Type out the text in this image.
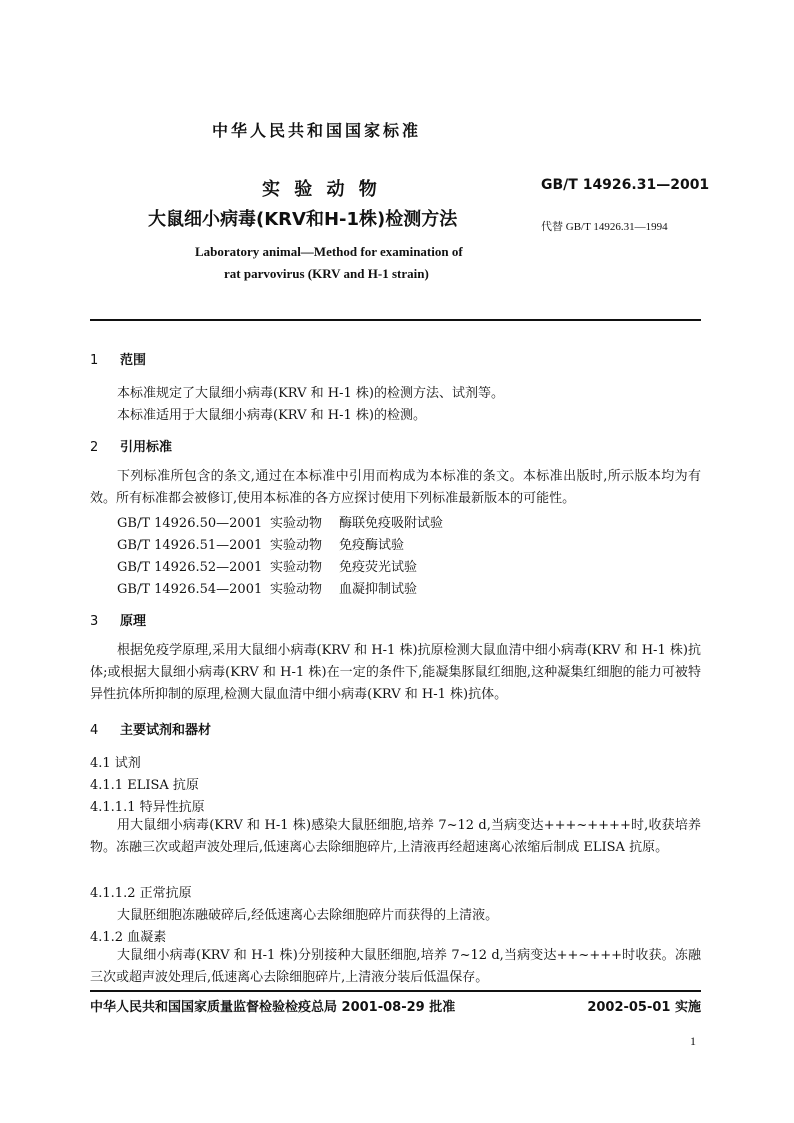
中华人民共和国国家标准
实 验 动 物	GB/T 14926.31—2001
大鼠细小病毒(KRV和H-1株)检测方法	代替 GB/T 14926.31—1994
Laboratory animal—Method for examination of
rat parvovirus (KRV and H-1 strain)
1 范围
本标准规定了大鼠细小病毒(KRV 和 H-1 株)的检测方法、试剂等。
本标准适用于大鼠细小病毒(KRV 和 H-1 株)的检测。
2 引用标准
下列标准所包含的条文,通过在本标准中引用而构成为本标准的条文。本标准出版时,所示版本均为有效。所有标准都会被修订,使用本标准的各方应探讨使用下列标准最新版本的可能性。
GB/T 14926.50—2001 实验动物 酶联免疫吸附试验
GB/T 14926.51—2001 实验动物 免疫酶试验
GB/T 14926.52—2001 实验动物 免疫荧光试验
GB/T 14926.54—2001 实验动物 血凝抑制试验
3 原理
根据免疫学原理,采用大鼠细小病毒(KRV 和 H-1 株)抗原检测大鼠血清中细小病毒(KRV 和 H-1 株)抗体;或根据大鼠细小病毒(KRV 和 H-1 株)在一定的条件下,能凝集豚鼠红细胞,这种凝集红细胞的能力可被特异性抗体所抑制的原理,检测大鼠血清中细小病毒(KRV 和 H-1 株)抗体。
4 主要试剂和器材
4.1 试剂
4.1.1 ELISA 抗原
4.1.1.1 特异性抗原
用大鼠细小病毒(KRV 和 H-1 株)感染大鼠胚细胞,培养 7~12 d,当病变达+++~++++时,收获培养物。冻融三次或超声波处理后,低速离心去除细胞碎片,上清液再经超速离心浓缩后制成 ELISA 抗原。
4.1.1.2 正常抗原
大鼠胚细胞冻融破碎后,经低速离心去除细胞碎片而获得的上清液。
4.1.2 血凝素
大鼠细小病毒(KRV 和 H-1 株)分别接种大鼠胚细胞,培养 7~12 d,当病变达++~+++时收获。冻融三次或超声波处理后,低速离心去除细胞碎片,上清液分装后低温保存。
中华人民共和国国家质量监督检验检疫总局 2001-08-29 批准	2002-05-01 实施
1
